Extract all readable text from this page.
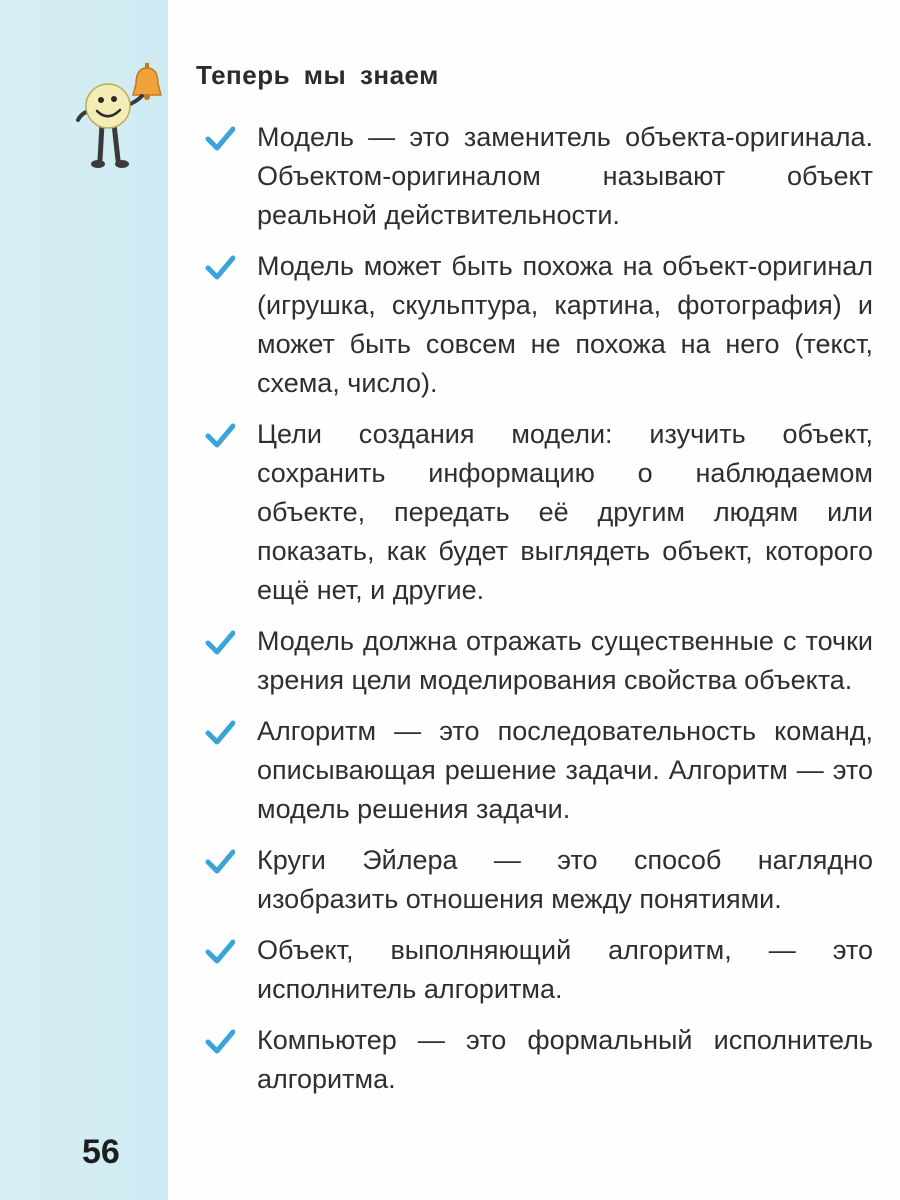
Теперь мы знаем
Модель — это заменитель объекта-оригинала. Объектом-оригиналом называют объект реальной действительности.
Модель может быть похожа на объект-оригинал (игрушка, скульптура, картина, фотография) и может быть совсем не похожа на него (текст, схема, число).
Цели создания модели: изучить объект, сохранить информацию о наблюдаемом объекте, передать её другим людям или показать, как будет выглядеть объект, которого ещё нет, и другие.
Модель должна отражать существенные с точки зрения цели моделирования свойства объекта.
Алгоритм — это последовательность команд, описывающая решение задачи. Алгоритм — это модель решения задачи.
Круги Эйлера — это способ наглядно изобразить отношения между понятиями.
Объект, выполняющий алгоритм, — это исполнитель алгоритма.
Компьютер — это формальный исполнитель алгоритма.
56
